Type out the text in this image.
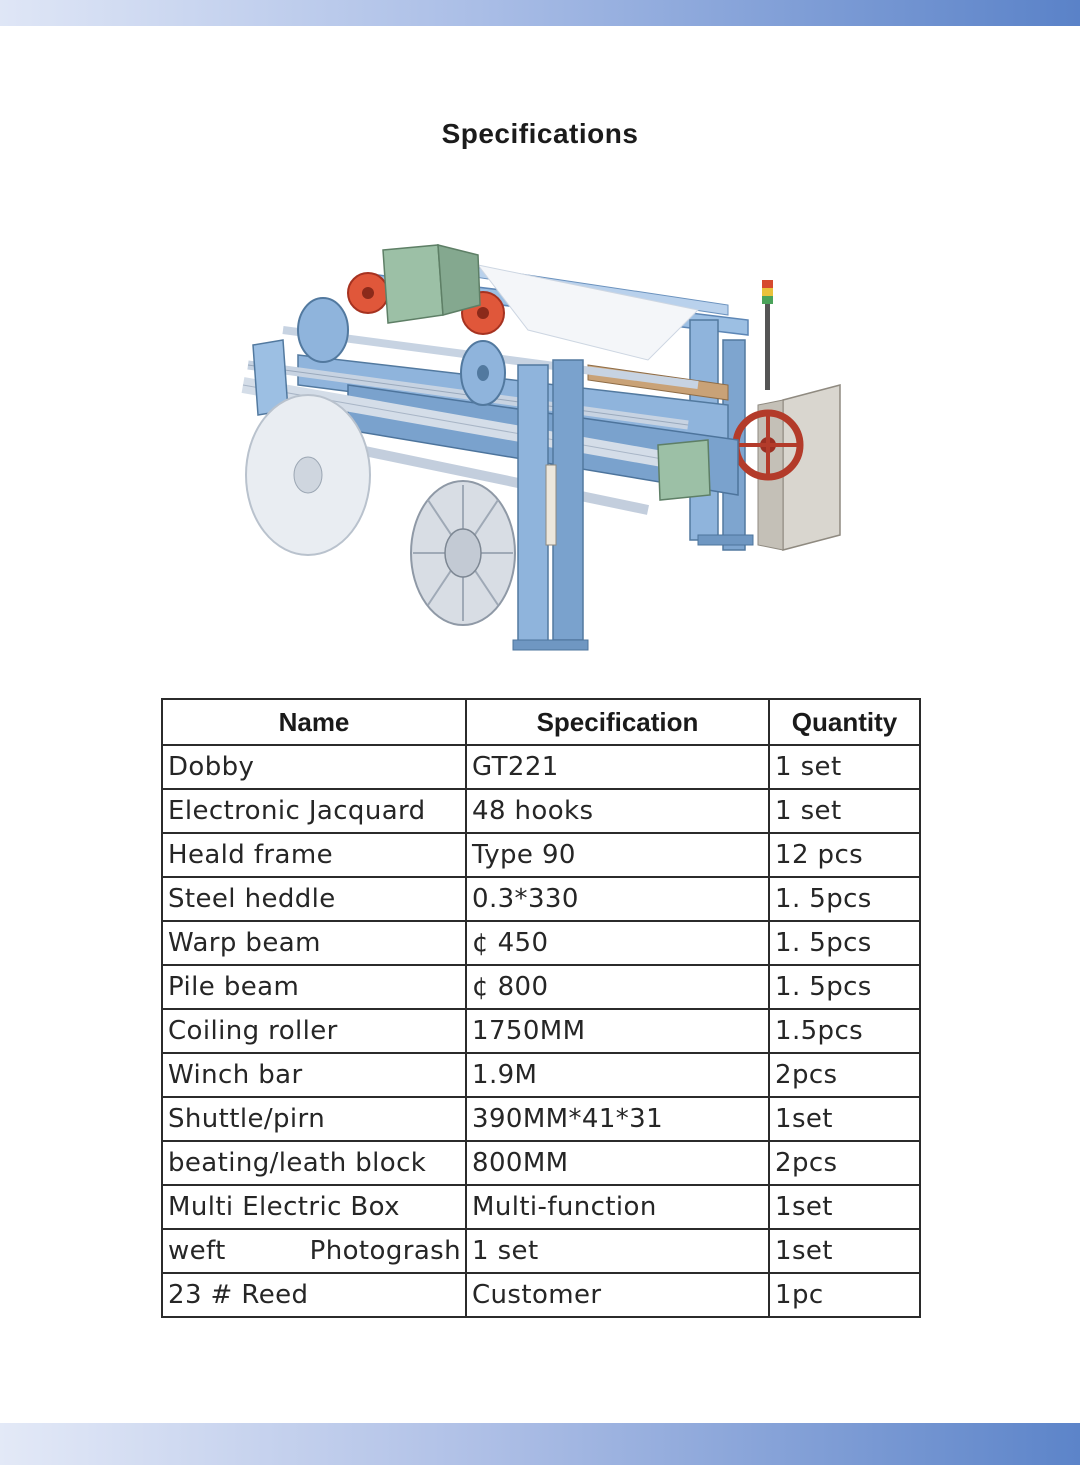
Specifications
Name	Specification	Quantity
Dobby	GT221	1 set
Electronic Jacquard	48 hooks	1 set
Heald frame	Type 90	12 pcs
Steel heddle	0.3*330	1. 5pcs
Warp beam	¢ 450	1. 5pcs
Pile beam	¢ 800	1. 5pcs
Coiling roller	1750MM	1.5pcs
Winch bar	1.9M	2pcs
Shuttle/pirn	390MM*41*31	1set
beating/leath block	800MM	2pcs
Multi Electric Box	Multi-function	1set

weft Photogrash	1 set	1set
23 # Reed	Customer	1pc
